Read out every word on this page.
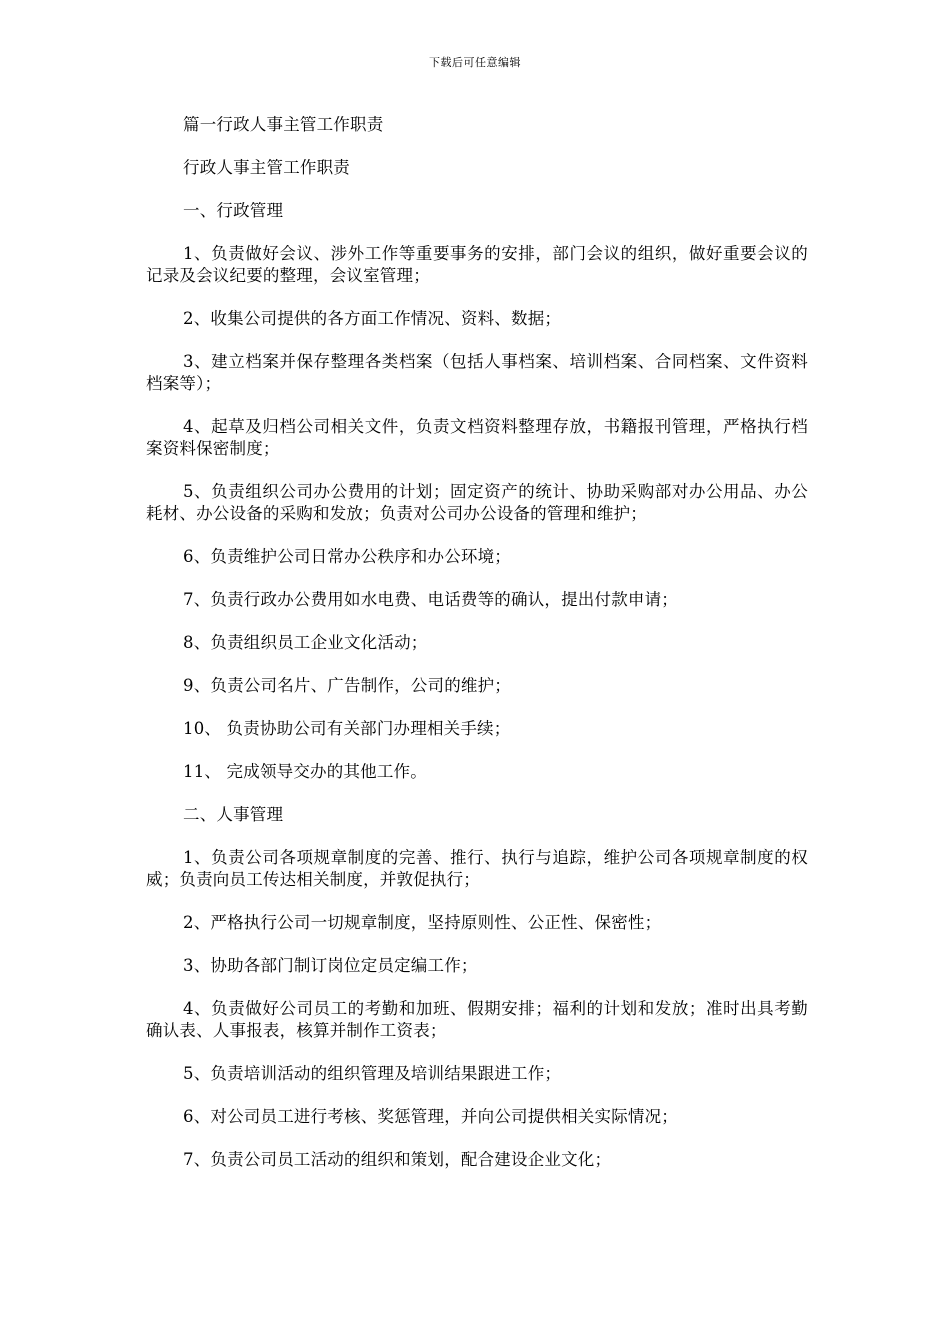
下载后可任意编辑

篇一行政人事主管工作职责

行政人事主管工作职责

一、行政管理

1、负责做好会议、涉外工作等重要事务的安排，部门会议的组织，做好重要会议的记录及会议纪要的整理，会议室管理；

2、收集公司提供的各方面工作情况、资料、数据；

3、建立档案并保存整理各类档案（包括人事档案、培训档案、合同档案、文件资料档案等）；

4、起草及归档公司相关文件，负责文档资料整理存放，书籍报刊管理，严格执行档案资料保密制度；

5、负责组织公司办公费用的计划；固定资产的统计、协助采购部对办公用品、办公耗材、办公设备的采购和发放；负责对公司办公设备的管理和维护；

6、负责维护公司日常办公秩序和办公环境；

7、负责行政办公费用如水电费、电话费等的确认，提出付款申请；

8、负责组织员工企业文化活动；

9、负责公司名片、广告制作，公司的维护；

10、 负责协助公司有关部门办理相关手续；

11、 完成领导交办的其他工作。

二、人事管理

1、负责公司各项规章制度的完善、推行、执行与追踪，维护公司各项规章制度的权威；负责向员工传达相关制度，并敦促执行；

2、严格执行公司一切规章制度，坚持原则性、公正性、保密性；

3、协助各部门制订岗位定员定编工作；

4、负责做好公司员工的考勤和加班、假期安排；福利的计划和发放；准时出具考勤确认表、人事报表，核算并制作工资表；

5、负责培训活动的组织管理及培训结果跟进工作；

6、对公司员工进行考核、奖惩管理，并向公司提供相关实际情况；

7、负责公司员工活动的组织和策划，配合建设企业文化；
